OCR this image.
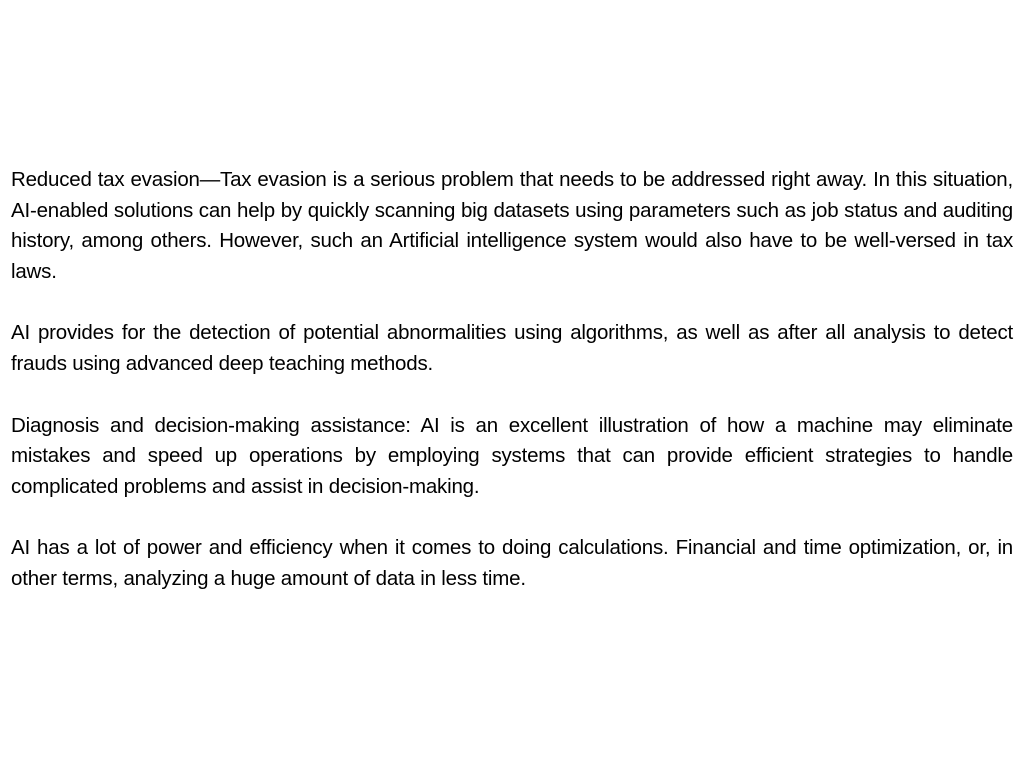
Reduced tax evasion—Tax evasion is a serious problem that needs to be addressed right away. In this situation, AI-enabled solutions can help by quickly scanning big datasets using parameters such as job status and auditing history, among others. However, such an Artificial intelligence system would also have to be well-versed in tax laws.

AI provides for the detection of potential abnormalities using algorithms, as well as after all analysis to detect frauds using advanced deep teaching methods.

Diagnosis and decision-making assistance: AI is an excellent illustration of how a machine may eliminate mistakes and speed up operations by employing systems that can provide efficient strategies to handle complicated problems and assist in decision-making.

AI has a lot of power and efficiency when it comes to doing calculations. Financial and time optimization, or, in other terms, analyzing a huge amount of data in less time.
